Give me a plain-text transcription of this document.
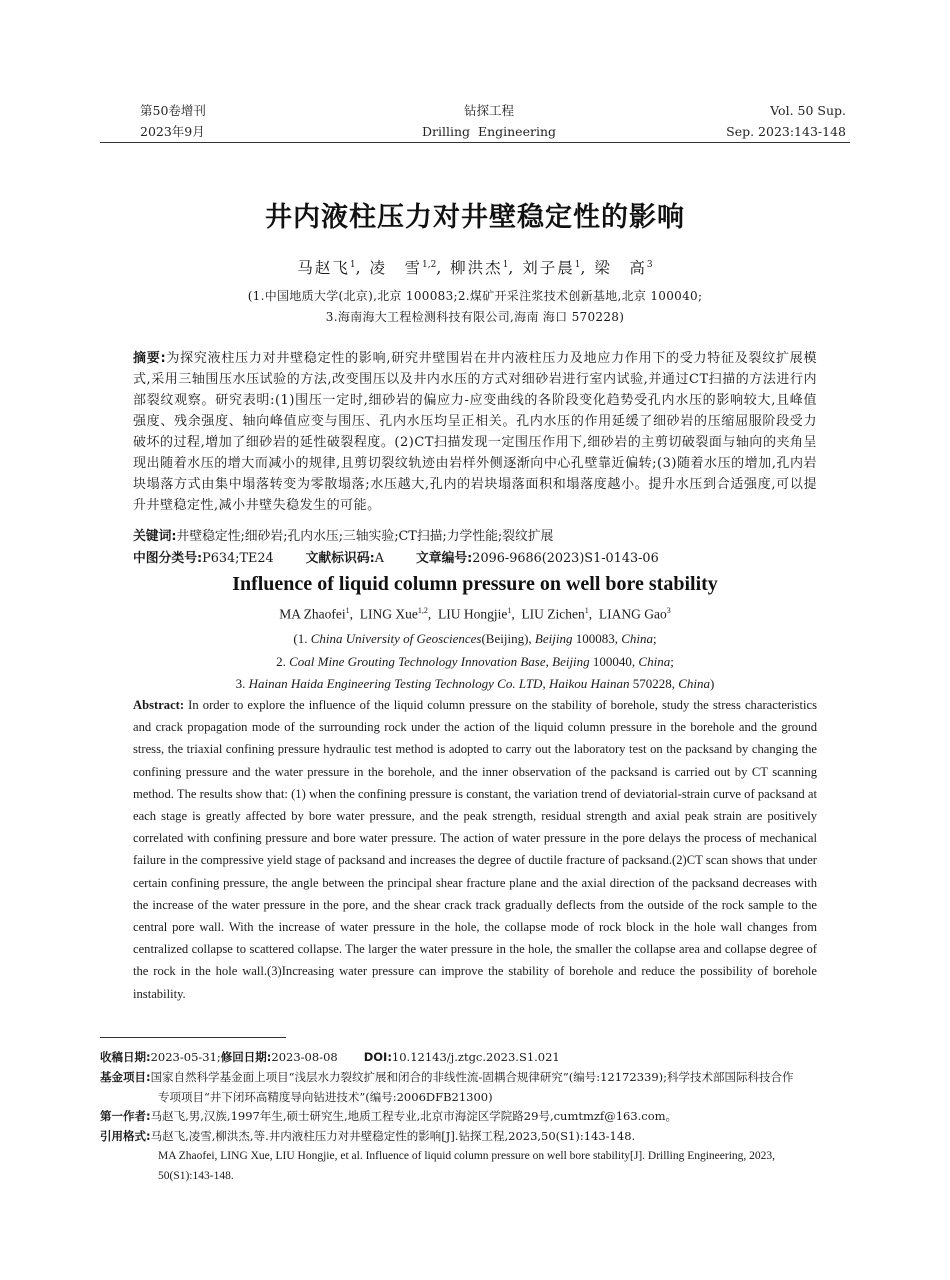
第50卷增刊
2023年9月
钻探工程
Drilling  Engineering
Vol. 50 Sup.
Sep. 2023:143-148
井内液柱压力对井壁稳定性的影响
马赵飞$^1$, 凌　雪$^{1,2}$, 柳洪杰$^1$, 刘子晨$^1$, 梁　高$^3$
(1.中国地质大学(北京),北京 100083;2.煤矿开采注浆技术创新基地,北京 100040;
3.海南海大工程检测科技有限公司,海南 海口 570228)
摘要:为探究液柱压力对井壁稳定性的影响,研究井壁围岩在井内液柱压力及地应力作用下的受力特征及裂纹扩展模式,采用三轴围压水压试验的方法,改变围压以及井内水压的方式对细砂岩进行室内试验,并通过CT扫描的方法进行内部裂纹观察。研究表明:(1)围压一定时,细砂岩的偏应力-应变曲线的各阶段变化趋势受孔内水压的影响较大,且峰值强度、残余强度、轴向峰值应变与围压、孔内水压均呈正相关。孔内水压的作用延缓了细砂岩的压缩屈服阶段受力破坏的过程,增加了细砂岩的延性破裂程度。(2)CT扫描发现一定围压作用下,细砂岩的主剪切破裂面与轴向的夹角呈现出随着水压的增大而减小的规律,且剪切裂纹轨迹由岩样外侧逐渐向中心孔壁靠近偏转;(3)随着水压的增加,孔内岩块塌落方式由集中塌落转变为零散塌落;水压越大,孔内的岩块塌落面积和塌落度越小。提升水压到合适强度,可以提升井壁稳定性,减小井壁失稳发生的可能。
关键词:井壁稳定性;细砂岩;孔内水压;三轴实验;CT扫描;力学性能;裂纹扩展
中图分类号:P634;TE24	文献标识码:A	文章编号:2096-9686(2023)S1-0143-06
Influence of liquid column pressure on well bore stability
MA Zhaofei$^1$,  LING Xue$^{1,2}$,  LIU Hongjie$^1$,  LIU Zichen$^1$,  LIANG Gao$^3$
(1. China University of Geosciences(Beijing), Beijing 100083, China;
2. Coal Mine Grouting Technology Innovation Base, Beijing 100040, China;
3. Hainan Haida Engineering Testing Technology Co. LTD, Haikou Hainan 570228, China)
Abstract: In order to explore the influence of the liquid column pressure on the stability of borehole, study the stress characteristics and crack propagation mode of the surrounding rock under the action of the liquid column pressure in the borehole and the ground stress, the triaxial confining pressure hydraulic test method is adopted to carry out the laboratory test on the packsand by changing the confining pressure and the water pressure in the borehole, and the inner observation of the packsand is carried out by CT scanning method. The results show that: (1) when the confining pressure is constant, the variation trend of deviatorial-strain curve of packsand at each stage is greatly affected by bore water pressure, and the peak strength, residual strength and axial peak strain are positively correlated with confining pressure and bore water pressure. The action of water pressure in the pore delays the process of mechanical failure in the compressive yield stage of packsand and increases the degree of ductile fracture of packsand.(2)CT scan shows that under certain confining pressure, the angle between the principal shear fracture plane and the axial direction of the packsand decreases with the increase of the water pressure in the pore, and the shear crack track gradually deflects from the outside of the rock sample to the central pore wall. With the increase of water pressure in the hole, the collapse mode of rock block in the hole wall changes from centralized collapse to scattered collapse. The larger the water pressure in the hole, the smaller the collapse area and collapse degree of the rock in the hole wall.(3)Increasing water pressure can improve the stability of borehole and reduce the possibility of borehole instability.
收稿日期:2023-05-31;修回日期:2023-08-08 DOI:10.12143/j.ztgc.2023.S1.021
基金项目:国家自然科学基金面上项目“浅层水力裂纹扩展和闭合的非线性流-固耦合规律研究”(编号:12172339);科学技术部国际科技合作
专项项目“井下闭环高精度导向钻进技术”(编号:2006DFB21300)
第一作者:马赵飞,男,汉族,1997年生,硕士研究生,地质工程专业,北京市海淀区学院路29号,cumtmzf@163.com。
引用格式:马赵飞,凌雪,柳洪杰,等.井内液柱压力对井壁稳定性的影响[J].钻探工程,2023,50(S1):143-148.
MA Zhaofei, LING Xue, LIU Hongjie, et al. Influence of liquid column pressure on well bore stability[J]. Drilling Engineering, 2023,
50(S1):143-148.
